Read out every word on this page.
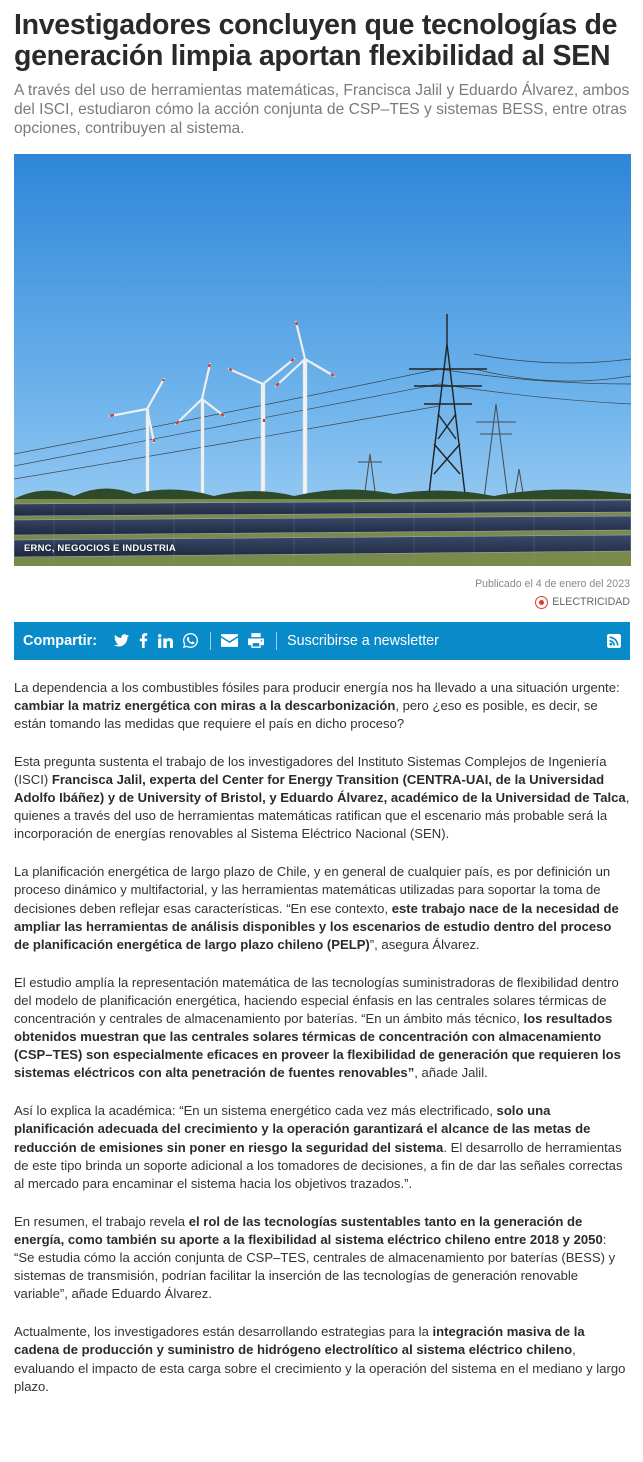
Investigadores concluyen que tecnologías de generación limpia aportan flexibilidad al SEN

A través del uso de herramientas matemáticas, Francisca Jalil y Eduardo Álvarez, ambos del ISCI, estudiaron cómo la acción conjunta de CSP–TES y sistemas BESS, entre otras opciones, contribuyen al sistema.

ERNC, NEGOCIOS E INDUSTRIA
Publicado el 4 de enero del 2023
ELECTRICIDAD
Compartir:	Suscribirse a newsletter

La dependencia a los combustibles fósiles para producir energía nos ha llevado a una situación urgente: cambiar la matriz energética con miras a la descarbonización, pero ¿eso es posible, es decir, se están tomando las medidas que requiere el país en dicho proceso?

Esta pregunta sustenta el trabajo de los investigadores del Instituto Sistemas Complejos de Ingeniería (ISCI) Francisca Jalil, experta del Center for Energy Transition (CENTRA-UAI, de la Universidad Adolfo Ibáñez) y de University of Bristol, y Eduardo Álvarez, académico de la Universidad de Talca, quienes a través del uso de herramientas matemáticas ratifican que el escenario más probable será la incorporación de energías renovables al Sistema Eléctrico Nacional (SEN).

La planificación energética de largo plazo de Chile, y en general de cualquier país, es por definición un proceso dinámico y multifactorial, y las herramientas matemáticas utilizadas para soportar la toma de decisiones deben reflejar esas características. “En ese contexto, este trabajo nace de la necesidad de ampliar las herramientas de análisis disponibles y los escenarios de estudio dentro del proceso de planificación energética de largo plazo chileno (PELP)”, asegura Álvarez.

El estudio amplía la representación matemática de las tecnologías suministradoras de flexibilidad dentro del modelo de planificación energética, haciendo especial énfasis en las centrales solares térmicas de concentración y centrales de almacenamiento por baterías. “En un ámbito más técnico, los resultados obtenidos muestran que las centrales solares térmicas de concentración con almacenamiento (CSP–TES) son especialmente eficaces en proveer la flexibilidad de generación que requieren los sistemas eléctricos con alta penetración de fuentes renovables”, añade Jalil.

Así lo explica la académica: “En un sistema energético cada vez más electrificado, solo una planificación adecuada del crecimiento y la operación garantizará el alcance de las metas de reducción de emisiones sin poner en riesgo la seguridad del sistema. El desarrollo de herramientas de este tipo brinda un soporte adicional a los tomadores de decisiones, a fin de dar las señales correctas al mercado para encaminar el sistema hacia los objetivos trazados.”.

En resumen, el trabajo revela el rol de las tecnologías sustentables tanto en la generación de energía, como también su aporte a la flexibilidad al sistema eléctrico chileno entre 2018 y 2050: “Se estudia cómo la acción conjunta de CSP–TES, centrales de almacenamiento por baterías (BESS) y sistemas de transmisión, podrían facilitar la inserción de las tecnologías de generación renovable variable”, añade Eduardo Álvarez.

Actualmente, los investigadores están desarrollando estrategias para la integración masiva de la cadena de producción y suministro de hidrógeno electrolítico al sistema eléctrico chileno, evaluando el impacto de esta carga sobre el crecimiento y la operación del sistema en el mediano y largo plazo.
